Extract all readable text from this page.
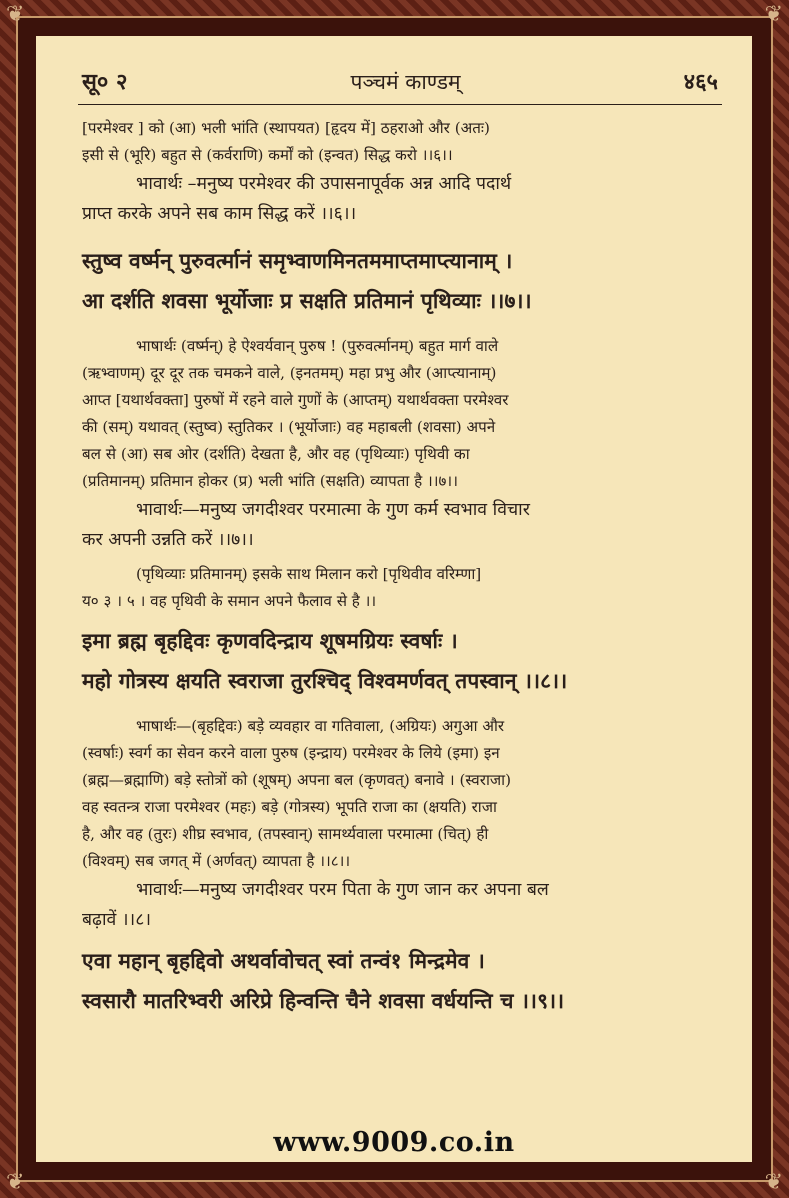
❦	❦
❦	❦
सू० २	पञ्चमं काण्डम्	४६५

[परमेश्वर ] को (आ) भली भांति (स्थापयत) [हृदय में] ठहराओ और (अतः)

इसी से (भूरि) बहुत से (कर्वराणि) कर्मों को (इन्वत) सिद्ध करो ।।६।।

भावार्थः –मनुष्य परमेश्वर की उपासनापूर्वक अन्न आदि पदार्थ

प्राप्त करके अपने सब काम सिद्ध करें ।।६।।

स्तुष्व वर्ष्मन् पुरुवर्त्मानं समृभ्वाणमिनतममाप्तमाप्त्यानाम् ।

आ दर्शति शवसा भूर्योजाः प्र सक्षति प्रतिमानं पृथिव्याः ।।७।।

भाषार्थः (वर्ष्मन्) हे ऐश्वर्यवान् पुरुष ! (पुरुवर्त्मानम्) बहुत मार्ग वाले

(ऋभ्वाणम्) दूर दूर तक चमकने वाले, (इनतमम्) महा प्रभु और (आप्त्यानाम्)

आप्त [यथार्थवक्ता] पुरुषों में रहने वाले गुणों के (आप्तम्) यथार्थवक्ता परमेश्वर

की (सम्) यथावत् (स्तुष्व) स्तुतिकर । (भूर्योजाः) वह महाबली (शवसा) अपने

बल से (आ) सब ओर (दर्शति) देखता है, और वह (पृथिव्याः) पृथिवी का

(प्रतिमानम्) प्रतिमान होकर (प्र) भली भांति (सक्षति) व्यापता है ।।७।।

भावार्थः—मनुष्य जगदीश्वर परमात्मा के गुण कर्म स्वभाव विचार

कर अपनी उन्नति करें ।।७।।

(पृथिव्याः प्रतिमानम्) इसके साथ मिलान करो [पृथिवीव वरिम्णा]

य० ३ । ५ । वह पृथिवी के समान अपने फैलाव से है ।।

इमा ब्रह्म बृहद्दिवः कृणवदिन्द्राय शूषमग्रियः स्वर्षाः ।

महो गोत्रस्य क्षयति स्वराजा तुरश्चिद् विश्वमर्णवत् तपस्वान् ।।८।।

भाषार्थः—(बृहद्दिवः) बड़े व्यवहार वा गतिवाला, (अग्रियः) अगुआ और

(स्वर्षाः) स्वर्ग का सेवन करने वाला पुरुष (इन्द्राय) परमेश्वर के लिये (इमा) इन

(ब्रह्म—ब्रह्माणि) बड़े स्तोत्रों को (शूषम्) अपना बल (कृणवत्) बनावे । (स्वराजा)

वह स्वतन्त्र राजा परमेश्वर (महः) बड़े (गोत्रस्य) भूपति राजा का (क्षयति) राजा

है, और वह (तुरः) शीघ्र स्वभाव, (तपस्वान्) सामर्थ्यवाला परमात्मा (चित्) ही

(विश्वम्) सब जगत् में (अर्णवत्) व्यापता है ।।८।।

भावार्थः—मनुष्य जगदीश्वर परम पिता के गुण जान कर अपना बल

बढ़ावें ।।८।

एवा महान् बृहद्दिवो अथर्वावोचत् स्वां तन्वं१ मिन्द्रमेव ।

स्वसारौ मातरिभ्वरी अरिप्रे हिन्वन्ति चैने शवसा वर्धयन्ति च ।।९।।

www.9009.co.in
